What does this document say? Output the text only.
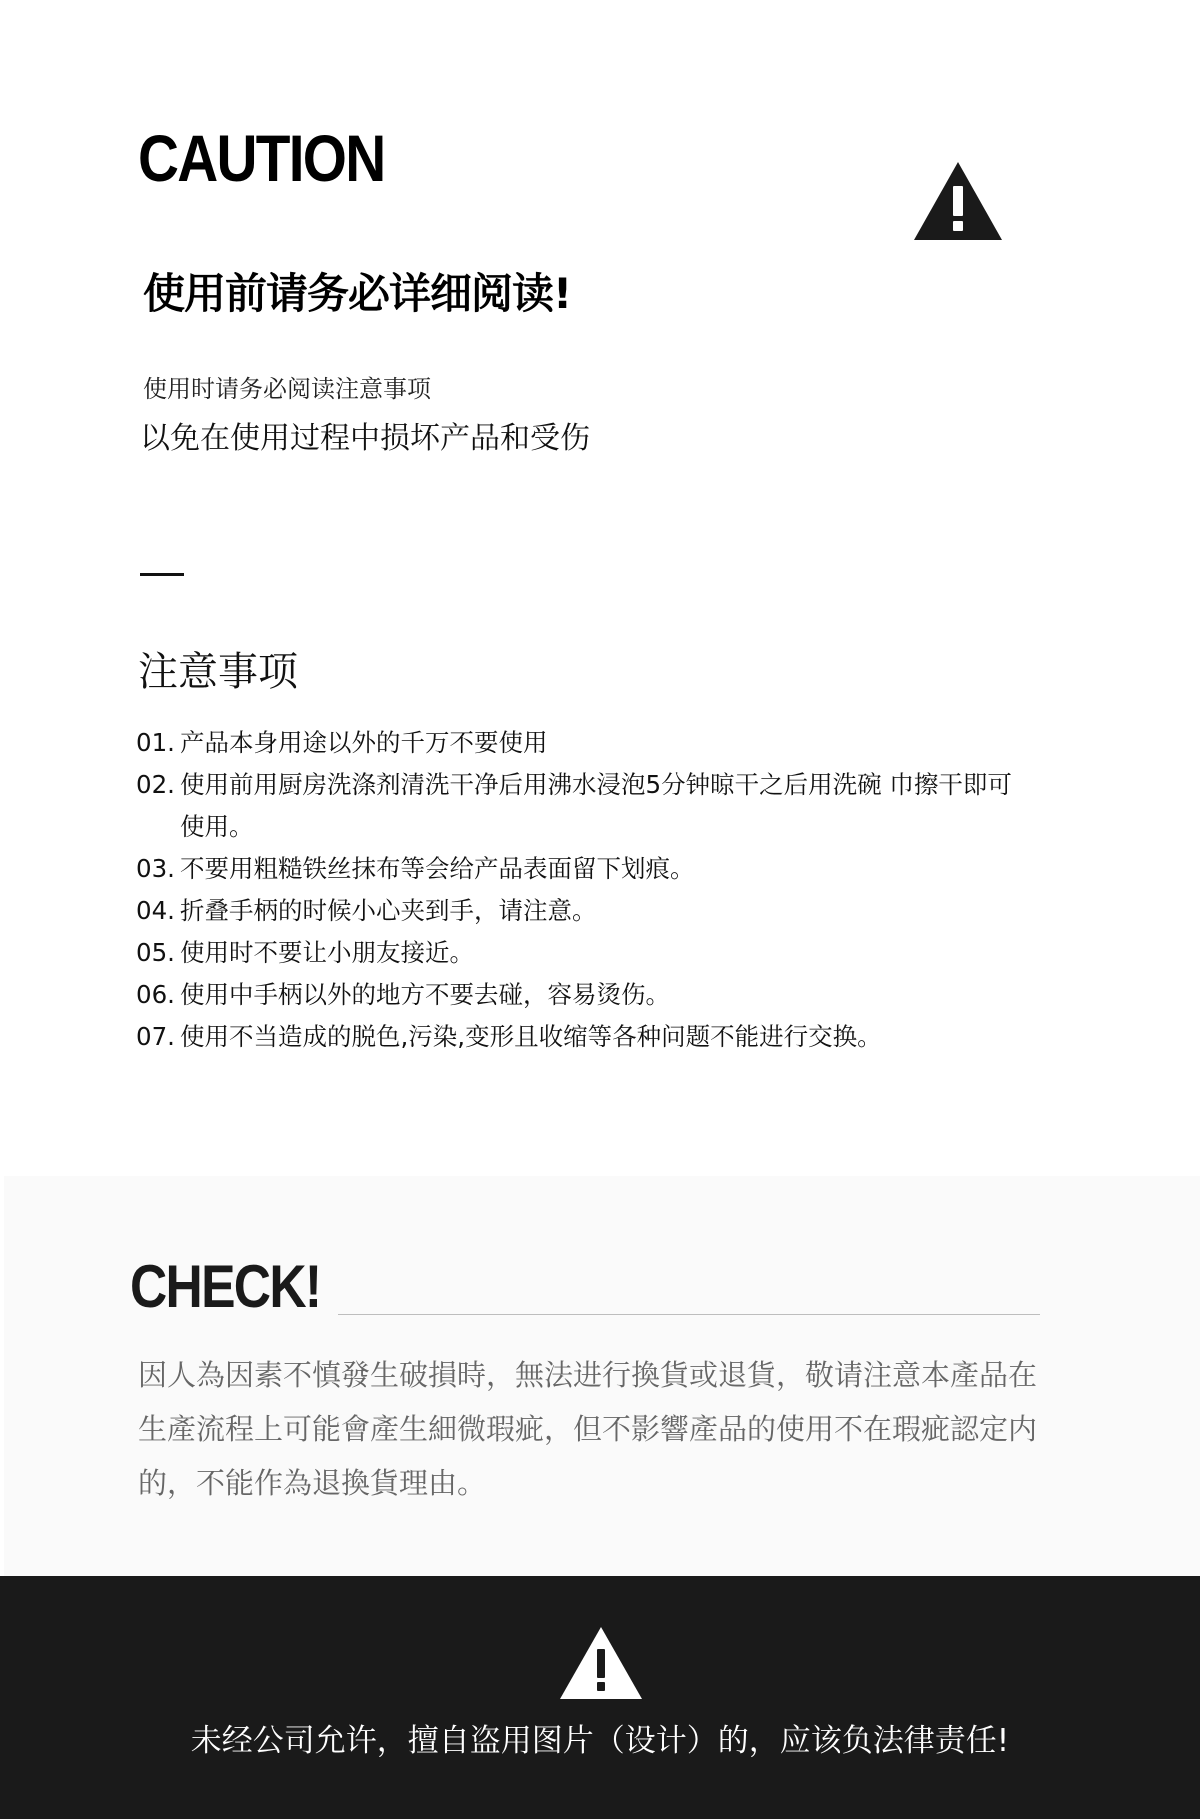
CAUTION
使用前请务必详细阅读!
使用时请务必阅读注意事项
以免在使用过程中损坏产品和受伤
注意事项
01. 产品本身用途以外的千万不要使用
02. 使用前用厨房洗涤剂清洗干净后用沸水浸泡5分钟晾干之后用洗碗 巾擦干即可使用。
03. 不要用粗糙铁丝抹布等会给产品表面留下划痕。
04. 折叠手柄的时候小心夹到手，请注意。
05. 使用时不要让小朋友接近。
06. 使用中手柄以外的地方不要去碰，容易烫伤。
07. 使用不当造成的脱色,污染,变形且收缩等各种问题不能进行交换。
CHECK!
因人為因素不慎發生破損時，無法进行換貨或退貨，敬请注意本產品在生產流程上可能會產生細微瑕疵，但不影響產品的使用不在瑕疵認定内的，不能作為退換貨理由。
未经公司允许，擅自盗用图片（设计）的，应该负法律责任!
